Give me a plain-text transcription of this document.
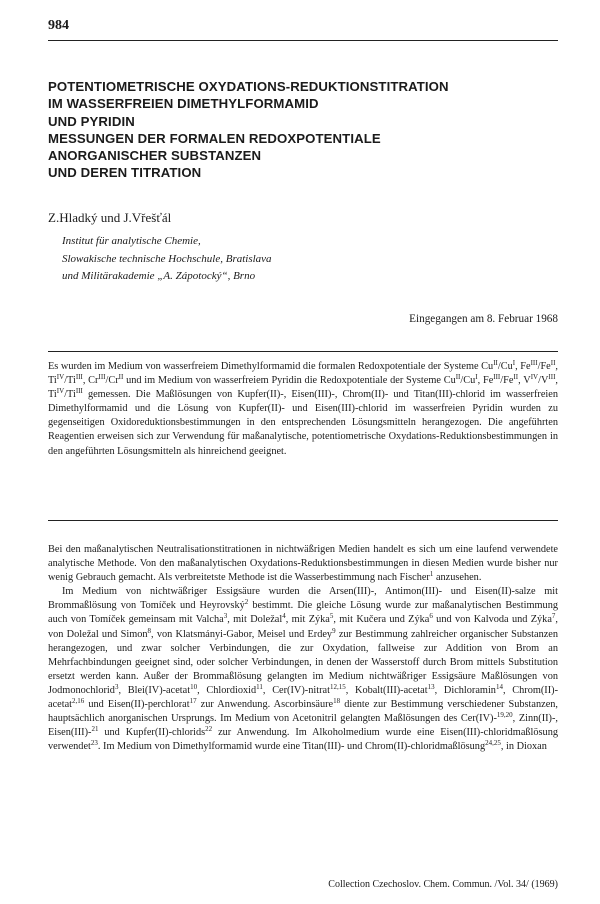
984
POTENTIOMETRISCHE OXYDATIONS-REDUKTIONSTITRATION
IM WASSERFREIEN DIMETHYLFORMAMID
UND PYRIDIN
MESSUNGEN DER FORMALEN REDOXPOTENTIALE
ANORGANISCHER SUBSTANZEN
UND DEREN TITRATION
Z.Hladký und J.Vřešťál
Institut für analytische Chemie,
Slowakische technische Hochschule, Bratislava
und Militärakademie „A. Zápotocký“, Brno
Eingegangen am 8. Februar 1968

Es wurden im Medium von wasserfreiem Dimethylformamid die formalen Redoxpotentiale der Systeme $Cu^{II}/Cu^I$, $Fe^{III}/Fe^{II}$, $Ti^{IV}/Ti^{III}$, $Cr^{III}/Cr^{II}$ und im Medium von wasserfreiem Pyridin die Redoxpotentiale der Systeme $Cu^{II}/Cu^I$, $Fe^{III}/Fe^{II}$, $V^{IV}/V^{III}$, $Ti^{IV}/Ti^{III}$ gemessen. Die Maßlösungen von Kupfer(II)-, Eisen(III)-, Chrom(II)- und Titan(III)-chlorid im wasserfreien Dimethylformamid und die Lösung von Kupfer(II)- und Eisen(III)-chlorid im wasserfreien Pyridin wurden zu gegenseitigen Oxidoreduktionsbestimmungen in den entsprechenden Lösungsmitteln herangezogen. Die angeführten Reagentien erweisen sich zur Verwendung für maßanalytische, potentiometrische Oxydations-Reduktionsbestimmungen in den angeführten Lösungsmitteln als hinreichend geeignet.

Bei den maßanalytischen Neutralisationstitrationen in nichtwäßrigen Medien handelt es sich um eine laufend verwendete analytische Methode. Von den maßanalytischen Oxydations-Reduktionsbestimmungen in diesen Medien wurde bisher nur wenig Gebrauch gemacht. Als verbreitetste Methode ist die Wasserbestimmung nach Fischer$^1$ anzusehen.

Im Medium von nichtwäßriger Essigsäure wurden die Arsen(III)-, Antimon(III)- und Eisen(II)-salze mit Brommaßlösung von Tomíček und Heyrovský$^2$ bestimmt. Die gleiche Lösung wurde zur maßanalytischen Bestimmung auch von Tomíček gemeinsam mit Valcha$^3$, mit Doležal$^4$, mit Zýka$^5$, mit Kučera und Zýka$^6$ und von Kalvoda und Zýka$^7$, von Doležal und Simon$^8$, von Klatsmányi-Gabor, Meisel und Erdey$^9$ zur Bestimmung zahlreicher organischer Substanzen herangezogen, und zwar solcher Verbindungen, die zur Oxydation, fallweise zur Addition von Brom an Mehrfachbindungen geeignet sind, oder solcher Verbindungen, in denen der Wasserstoff durch Brom mittels Substitution ersetzt werden kann. Außer der Brommaßlösung gelangten im Medium nichtwäßriger Essigsäure Maßlösungen von Jodmonochlorid$^3$, Blei(IV)-acetat$^{10}$, Chlordioxid$^{11}$, Cer(IV)-nitrat$^{12,15}$, Kobalt(III)-acetat$^{13}$, Dichloramin$^{14}$, Chrom(II)-acetat$^{2,16}$ und Eisen(II)-perchlorat$^{17}$ zur Anwendung. Ascorbinsäure$^{18}$ diente zur Bestimmung verschiedener Substanzen, hauptsächlich anorganischen Ursprungs. Im Medium von Acetonitril gelangten Maßlösungen des Cer(IV)-$^{19,20}$, Zinn(II)-, Eisen(III)-$^{21}$ und Kupfer(II)-chlorids$^{22}$ zur Anwendung. Im Alkoholmedium wurde eine Eisen(III)-chloridmaßlösung verwendet$^{23}$. Im Medium von Dimethylformamid wurde eine Titan(III)- und Chrom(II)-chloridmaßlösung$^{24,25}$, in Dioxan

Collection Czechoslov. Chem. Commun. /Vol. 34/ (1969)
